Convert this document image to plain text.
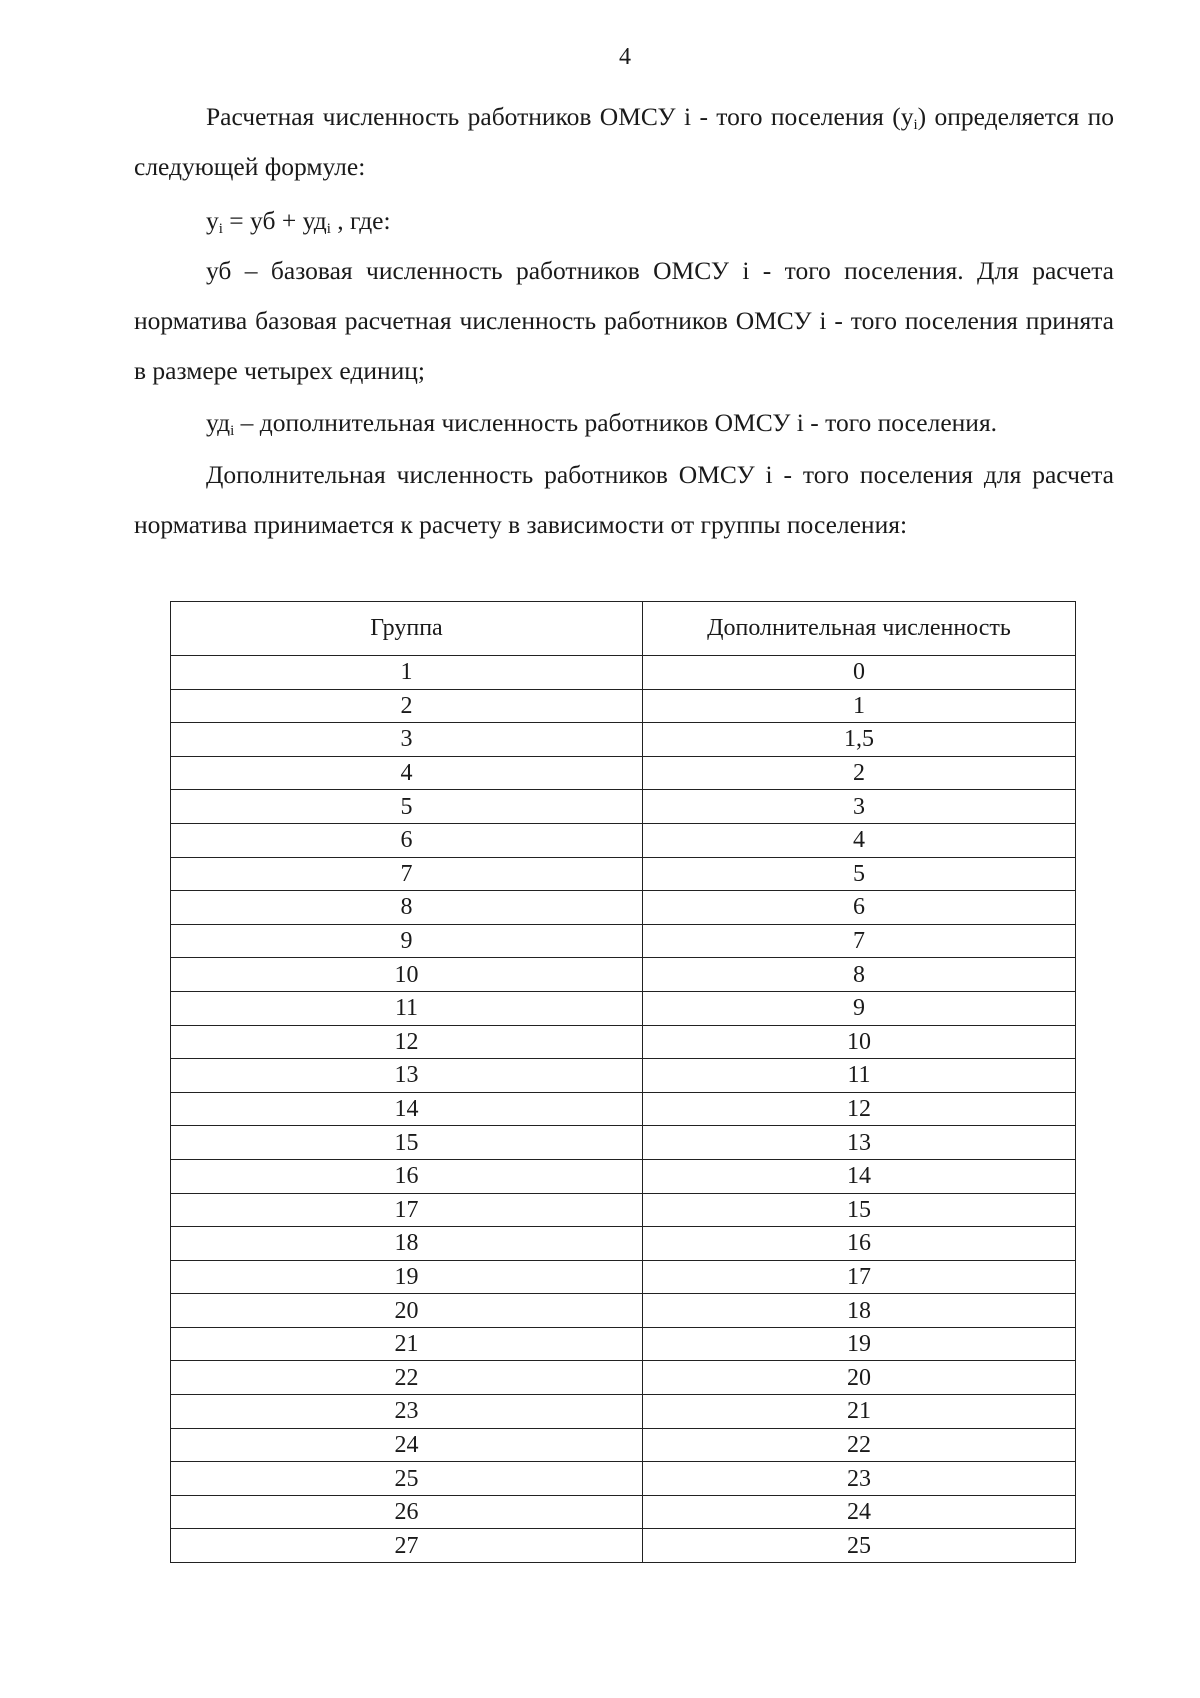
4

Расчетная численность работников ОМСУ i - того поселения $(y_i)$ определяется по следующей формуле:

$y_i$ = уб + $уд_i$ , где:

уб – базовая численность работников ОМСУ i - того поселения. Для расчета норматива базовая расчетная численность работников ОМСУ i - того поселения принята в размере четырех единиц;

$уд_i$ – дополнительная численность работников ОМСУ i - того поселения.

Дополнительная численность работников ОМСУ i - того поселения для расчета норматива принимается к расчету в зависимости от группы поселения:

Группа	Дополнительная численность
1	0
2	1
3	1,5
4	2
5	3
6	4
7	5
8	6
9	7
10	8
11	9
12	10
13	11
14	12
15	13
16	14
17	15
18	16
19	17
20	18
21	19
22	20
23	21
24	22
25	23
26	24
27	25
